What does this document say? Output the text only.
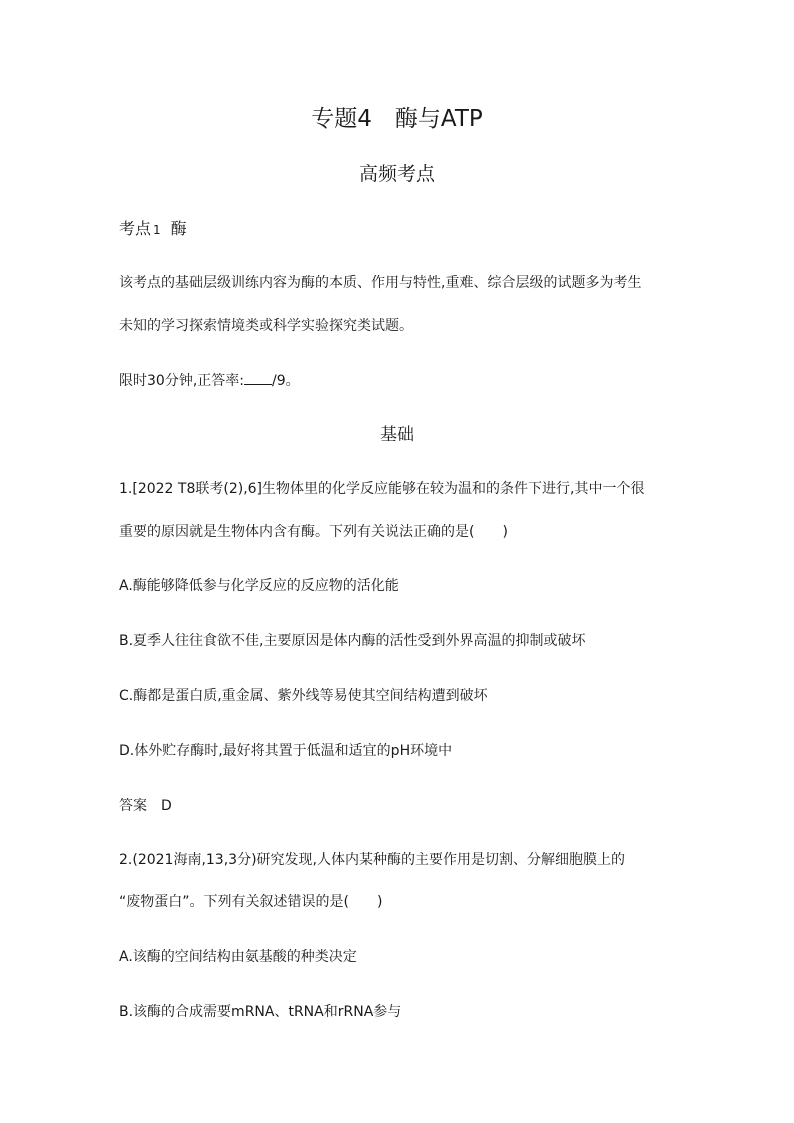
专题4　酶与ATP
高频考点
考点 1 酶
该考点的基础层级训练内容为酶的本质、作用与特性,重难、综合层级的试题多为考生
未知的学习探索情境类或科学实验探究类试题。
限时30分钟,正答率: /9。
基础
1.[2022 T8联考(2),6]生物体里的化学反应能够在较为温和的条件下进行,其中一个很
重要的原因就是生物体内含有酶。下列有关说法正确的是(　　)
A.酶能够降低参与化学反应的反应物的活化能
B.夏季人往往食欲不佳,主要原因是体内酶的活性受到外界高温的抑制或破坏
C.酶都是蛋白质,重金属、紫外线等易使其空间结构遭到破坏
D.体外贮存酶时,最好将其置于低温和适宜的pH环境中
答案　D
2.(2021海南,13,3分)研究发现,人体内某种酶的主要作用是切割、分解细胞膜上的
“废物蛋白”。下列有关叙述错误的是(　　)
A.该酶的空间结构由氨基酸的种类决定
B.该酶的合成需要mRNA、tRNA和rRNA参与
